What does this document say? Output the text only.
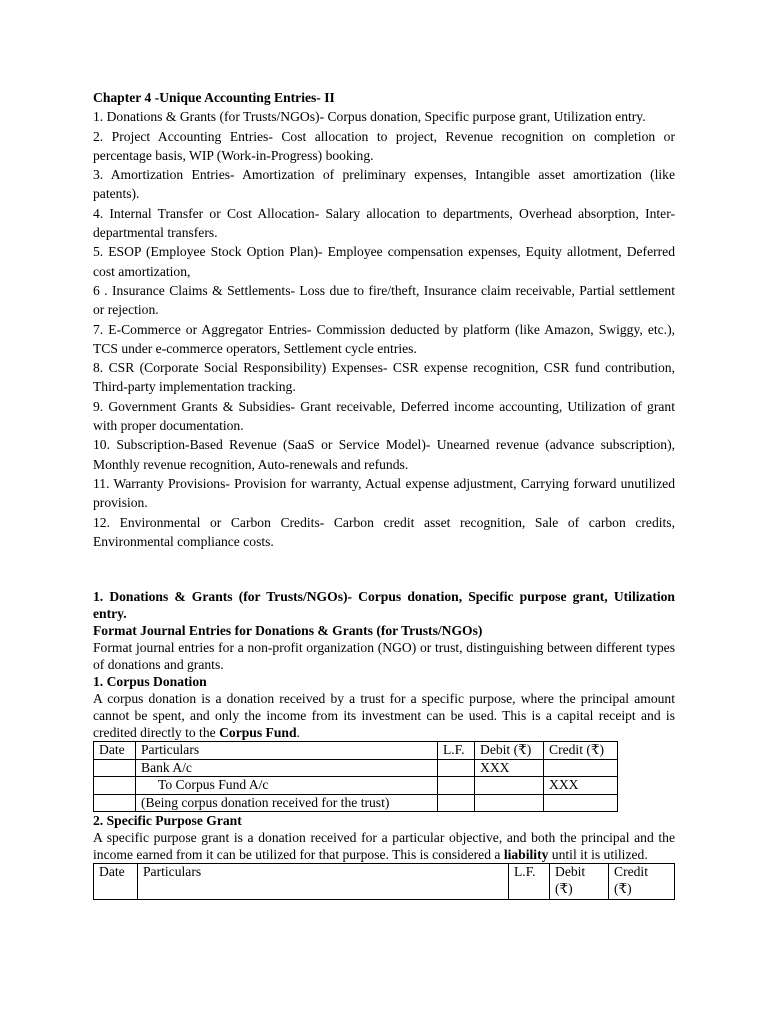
Chapter 4 -Unique Accounting Entries- II

1. Donations & Grants (for Trusts/NGOs)- Corpus donation, Specific purpose grant, Utilization entry.

2. Project Accounting Entries- Cost allocation to project, Revenue recognition on completion or percentage basis, WIP (Work-in-Progress) booking.

3. Amortization Entries- Amortization of preliminary expenses, Intangible asset amortization (like patents).

4. Internal Transfer or Cost Allocation- Salary allocation to departments, Overhead absorption, Inter-departmental transfers.

5. ESOP (Employee Stock Option Plan)- Employee compensation expenses, Equity allotment, Deferred cost amortization,

6 . Insurance Claims & Settlements- Loss due to fire/theft, Insurance claim receivable, Partial settlement or rejection.

7. E-Commerce or Aggregator Entries- Commission deducted by platform (like Amazon, Swiggy, etc.), TCS under e-commerce operators, Settlement cycle entries.

8. CSR (Corporate Social Responsibility) Expenses- CSR expense recognition, CSR fund contribution, Third-party implementation tracking.

9. Government Grants & Subsidies- Grant receivable, Deferred income accounting, Utilization of grant with proper documentation.

10. Subscription-Based Revenue (SaaS or Service Model)- Unearned revenue (advance subscription), Monthly revenue recognition, Auto-renewals and refunds.

11. Warranty Provisions- Provision for warranty, Actual expense adjustment, Carrying forward unutilized provision.

12. Environmental or Carbon Credits- Carbon credit asset recognition, Sale of carbon credits, Environmental compliance costs.

1. Donations & Grants (for Trusts/NGOs)- Corpus donation, Specific purpose grant, Utilization entry.

Format Journal Entries for Donations & Grants (for Trusts/NGOs)

Format journal entries for a non-profit organization (NGO) or trust, distinguishing between different types of donations and grants.

1. Corpus Donation

A corpus donation is a donation received by a trust for a specific purpose, where the principal amount cannot be spent, and only the income from its investment can be used. This is a capital receipt and is credited directly to the Corpus Fund.

Date	Particulars	L.F.	Debit (₹)	Credit (₹)
	Bank A/c		XXX	
	To Corpus Fund A/c			XXX
	(Being corpus donation received for the trust)			

2. Specific Purpose Grant

A specific purpose grant is a donation received for a particular objective, and both the principal and the income earned from it can be utilized for that purpose. This is considered a liability until it is utilized.

Date	Particulars	L.F.	Debit (₹)	Credit (₹)
